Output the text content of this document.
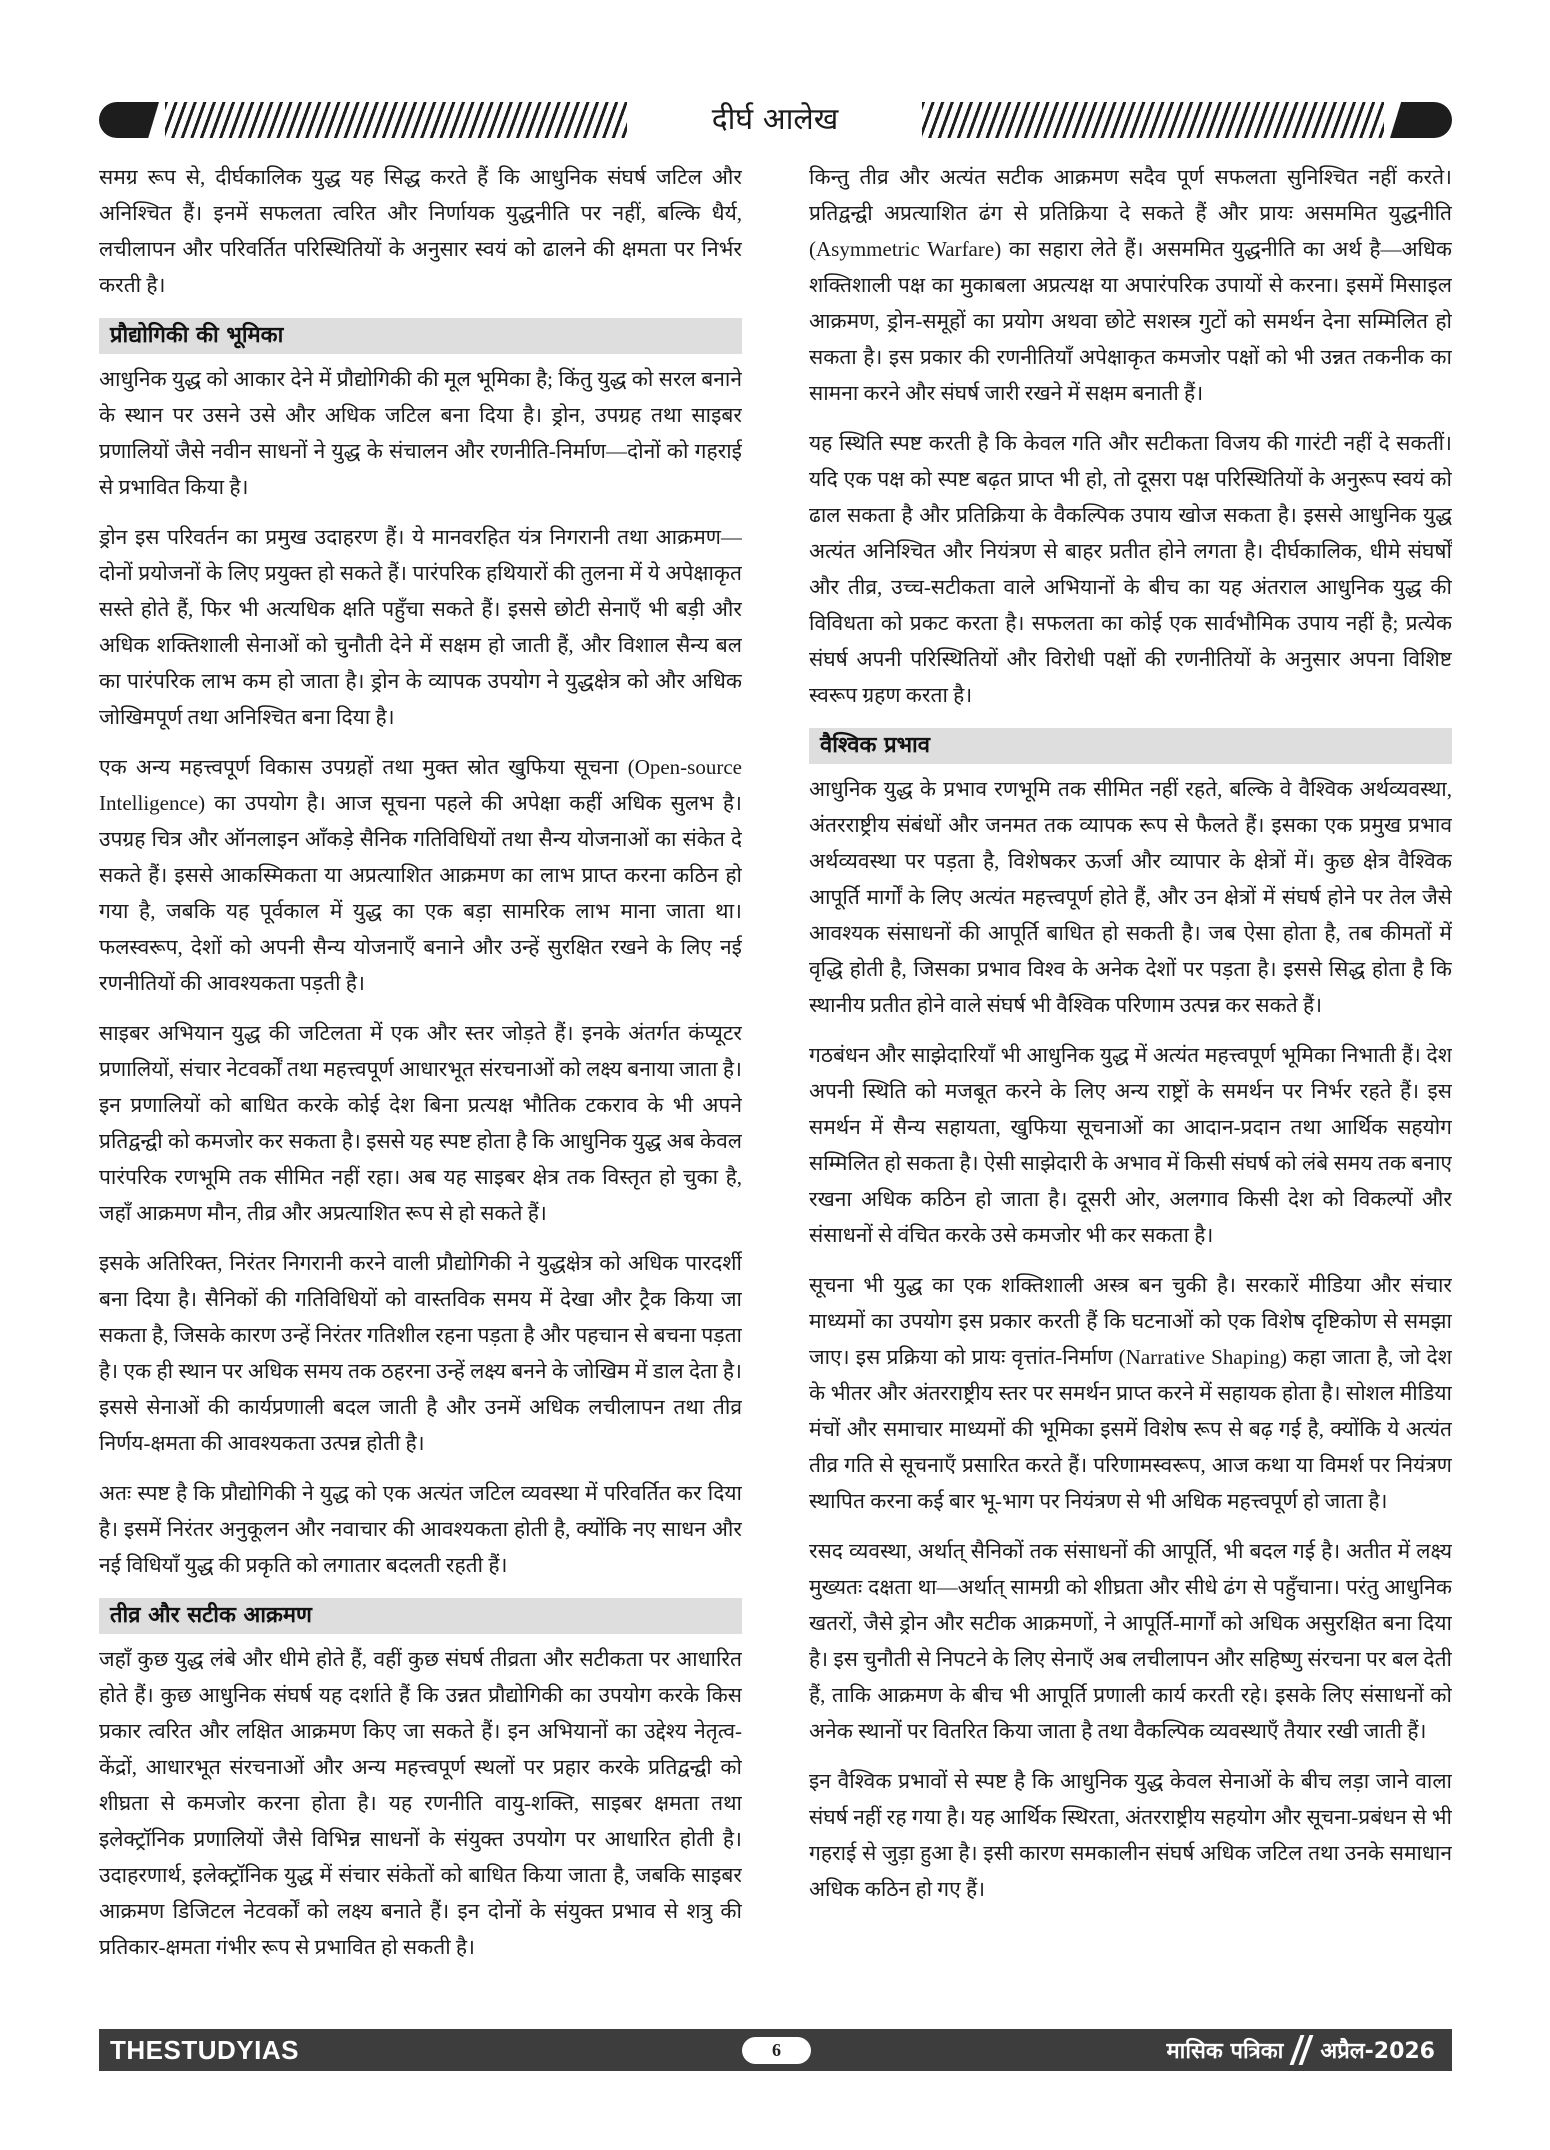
दीर्घ आलेख

समग्र रूप से, दीर्घकालिक युद्ध यह सिद्ध करते हैं कि आधुनिक संघर्ष जटिल और अनिश्चित हैं। इनमें सफलता त्वरित और निर्णायक युद्धनीति पर नहीं, बल्कि धैर्य, लचीलापन और परिवर्तित परिस्थितियों के अनुसार स्वयं को ढालने की क्षमता पर निर्भर करती है।

प्रौद्योगिकी की भूमिका

आधुनिक युद्ध को आकार देने में प्रौद्योगिकी की मूल भूमिका है; किंतु युद्ध को सरल बनाने के स्थान पर उसने उसे और अधिक जटिल बना दिया है। ड्रोन, उपग्रह तथा साइबर प्रणालियों जैसे नवीन साधनों ने युद्ध के संचालन और रणनीति-निर्माण—दोनों को गहराई से प्रभावित किया है।

ड्रोन इस परिवर्तन का प्रमुख उदाहरण हैं। ये मानवरहित यंत्र निगरानी तथा आक्रमण—दोनों प्रयोजनों के लिए प्रयुक्त हो सकते हैं। पारंपरिक हथियारों की तुलना में ये अपेक्षाकृत सस्ते होते हैं, फिर भी अत्यधिक क्षति पहुँचा सकते हैं। इससे छोटी सेनाएँ भी बड़ी और अधिक शक्तिशाली सेनाओं को चुनौती देने में सक्षम हो जाती हैं, और विशाल सैन्य बल का पारंपरिक लाभ कम हो जाता है। ड्रोन के व्यापक उपयोग ने युद्धक्षेत्र को और अधिक जोखिमपूर्ण तथा अनिश्चित बना दिया है।

एक अन्य महत्त्वपूर्ण विकास उपग्रहों तथा मुक्त स्रोत खुफिया सूचना (Open-source Intelligence) का उपयोग है। आज सूचना पहले की अपेक्षा कहीं अधिक सुलभ है। उपग्रह चित्र और ऑनलाइन आँकड़े सैनिक गतिविधियों तथा सैन्य योजनाओं का संकेत दे सकते हैं। इससे आकस्मिकता या अप्रत्याशित आक्रमण का लाभ प्राप्त करना कठिन हो गया है, जबकि यह पूर्वकाल में युद्ध का एक बड़ा सामरिक लाभ माना जाता था। फलस्वरूप, देशों को अपनी सैन्य योजनाएँ बनाने और उन्हें सुरक्षित रखने के लिए नई रणनीतियों की आवश्यकता पड़ती है।

साइबर अभियान युद्ध की जटिलता में एक और स्तर जोड़ते हैं। इनके अंतर्गत कंप्यूटर प्रणालियों, संचार नेटवर्कों तथा महत्त्वपूर्ण आधारभूत संरचनाओं को लक्ष्य बनाया जाता है। इन प्रणालियों को बाधित करके कोई देश बिना प्रत्यक्ष भौतिक टकराव के भी अपने प्रतिद्वन्द्वी को कमजोर कर सकता है। इससे यह स्पष्ट होता है कि आधुनिक युद्ध अब केवल पारंपरिक रणभूमि तक सीमित नहीं रहा। अब यह साइबर क्षेत्र तक विस्तृत हो चुका है, जहाँ आक्रमण मौन, तीव्र और अप्रत्याशित रूप से हो सकते हैं।

इसके अतिरिक्त, निरंतर निगरानी करने वाली प्रौद्योगिकी ने युद्धक्षेत्र को अधिक पारदर्शी बना दिया है। सैनिकों की गतिविधियों को वास्तविक समय में देखा और ट्रैक किया जा सकता है, जिसके कारण उन्हें निरंतर गतिशील रहना पड़ता है और पहचान से बचना पड़ता है। एक ही स्थान पर अधिक समय तक ठहरना उन्हें लक्ष्य बनने के जोखिम में डाल देता है। इससे सेनाओं की कार्यप्रणाली बदल जाती है और उनमें अधिक लचीलापन तथा तीव्र निर्णय-क्षमता की आवश्यकता उत्पन्न होती है।

अतः स्पष्ट है कि प्रौद्योगिकी ने युद्ध को एक अत्यंत जटिल व्यवस्था में परिवर्तित कर दिया है। इसमें निरंतर अनुकूलन और नवाचार की आवश्यकता होती है, क्योंकि नए साधन और नई विधियाँ युद्ध की प्रकृति को लगातार बदलती रहती हैं।

तीव्र और सटीक आक्रमण

जहाँ कुछ युद्ध लंबे और धीमे होते हैं, वहीं कुछ संघर्ष तीव्रता और सटीकता पर आधारित होते हैं। कुछ आधुनिक संघर्ष यह दर्शाते हैं कि उन्नत प्रौद्योगिकी का उपयोग करके किस प्रकार त्वरित और लक्षित आक्रमण किए जा सकते हैं। इन अभियानों का उद्देश्य नेतृत्व-केंद्रों, आधारभूत संरचनाओं और अन्य महत्त्वपूर्ण स्थलों पर प्रहार करके प्रतिद्वन्द्वी को शीघ्रता से कमजोर करना होता है। यह रणनीति वायु-शक्ति, साइबर क्षमता तथा इलेक्ट्रॉनिक प्रणालियों जैसे विभिन्न साधनों के संयुक्त उपयोग पर आधारित होती है। उदाहरणार्थ, इलेक्ट्रॉनिक युद्ध में संचार संकेतों को बाधित किया जाता है, जबकि साइबर आक्रमण डिजिटल नेटवर्कों को लक्ष्य बनाते हैं। इन दोनों के संयुक्त प्रभाव से शत्रु की प्रतिकार-क्षमता गंभीर रूप से प्रभावित हो सकती है।

किन्तु तीव्र और अत्यंत सटीक आक्रमण सदैव पूर्ण सफलता सुनिश्चित नहीं करते। प्रतिद्वन्द्वी अप्रत्याशित ढंग से प्रतिक्रिया दे सकते हैं और प्रायः असममित युद्धनीति (Asymmetric Warfare) का सहारा लेते हैं। असममित युद्धनीति का अर्थ है—अधिक शक्तिशाली पक्ष का मुकाबला अप्रत्यक्ष या अपारंपरिक उपायों से करना। इसमें मिसाइल आक्रमण, ड्रोन-समूहों का प्रयोग अथवा छोटे सशस्त्र गुटों को समर्थन देना सम्मिलित हो सकता है। इस प्रकार की रणनीतियाँ अपेक्षाकृत कमजोर पक्षों को भी उन्नत तकनीक का सामना करने और संघर्ष जारी रखने में सक्षम बनाती हैं।

यह स्थिति स्पष्ट करती है कि केवल गति और सटीकता विजय की गारंटी नहीं दे सकतीं। यदि एक पक्ष को स्पष्ट बढ़त प्राप्त भी हो, तो दूसरा पक्ष परिस्थितियों के अनुरूप स्वयं को ढाल सकता है और प्रतिक्रिया के वैकल्पिक उपाय खोज सकता है। इससे आधुनिक युद्ध अत्यंत अनिश्चित और नियंत्रण से बाहर प्रतीत होने लगता है। दीर्घकालिक, धीमे संघर्षों और तीव्र, उच्च-सटीकता वाले अभियानों के बीच का यह अंतराल आधुनिक युद्ध की विविधता को प्रकट करता है। सफलता का कोई एक सार्वभौमिक उपाय नहीं है; प्रत्येक संघर्ष अपनी परिस्थितियों और विरोधी पक्षों की रणनीतियों के अनुसार अपना विशिष्ट स्वरूप ग्रहण करता है।

वैश्विक प्रभाव

आधुनिक युद्ध के प्रभाव रणभूमि तक सीमित नहीं रहते, बल्कि वे वैश्विक अर्थव्यवस्था, अंतरराष्ट्रीय संबंधों और जनमत तक व्यापक रूप से फैलते हैं। इसका एक प्रमुख प्रभाव अर्थव्यवस्था पर पड़ता है, विशेषकर ऊर्जा और व्यापार के क्षेत्रों में। कुछ क्षेत्र वैश्विक आपूर्ति मार्गों के लिए अत्यंत महत्त्वपूर्ण होते हैं, और उन क्षेत्रों में संघर्ष होने पर तेल जैसे आवश्यक संसाधनों की आपूर्ति बाधित हो सकती है। जब ऐसा होता है, तब कीमतों में वृद्धि होती है, जिसका प्रभाव विश्व के अनेक देशों पर पड़ता है। इससे सिद्ध होता है कि स्थानीय प्रतीत होने वाले संघर्ष भी वैश्विक परिणाम उत्पन्न कर सकते हैं।

गठबंधन और साझेदारियाँ भी आधुनिक युद्ध में अत्यंत महत्त्वपूर्ण भूमिका निभाती हैं। देश अपनी स्थिति को मजबूत करने के लिए अन्य राष्ट्रों के समर्थन पर निर्भर रहते हैं। इस समर्थन में सैन्य सहायता, खुफिया सूचनाओं का आदान-प्रदान तथा आर्थिक सहयोग सम्मिलित हो सकता है। ऐसी साझेदारी के अभाव में किसी संघर्ष को लंबे समय तक बनाए रखना अधिक कठिन हो जाता है। दूसरी ओर, अलगाव किसी देश को विकल्पों और संसाधनों से वंचित करके उसे कमजोर भी कर सकता है।

सूचना भी युद्ध का एक शक्तिशाली अस्त्र बन चुकी है। सरकारें मीडिया और संचार माध्यमों का उपयोग इस प्रकार करती हैं कि घटनाओं को एक विशेष दृष्टिकोण से समझा जाए। इस प्रक्रिया को प्रायः वृत्तांत-निर्माण (Narrative Shaping) कहा जाता है, जो देश के भीतर और अंतरराष्ट्रीय स्तर पर समर्थन प्राप्त करने में सहायक होता है। सोशल मीडिया मंचों और समाचार माध्यमों की भूमिका इसमें विशेष रूप से बढ़ गई है, क्योंकि ये अत्यंत तीव्र गति से सूचनाएँ प्रसारित करते हैं। परिणामस्वरूप, आज कथा या विमर्श पर नियंत्रण स्थापित करना कई बार भू-भाग पर नियंत्रण से भी अधिक महत्त्वपूर्ण हो जाता है।

रसद व्यवस्था, अर्थात् सैनिकों तक संसाधनों की आपूर्ति, भी बदल गई है। अतीत में लक्ष्य मुख्यतः दक्षता था—अर्थात् सामग्री को शीघ्रता और सीधे ढंग से पहुँचाना। परंतु आधुनिक खतरों, जैसे ड्रोन और सटीक आक्रमणों, ने आपूर्ति-मार्गों को अधिक असुरक्षित बना दिया है। इस चुनौती से निपटने के लिए सेनाएँ अब लचीलापन और सहिष्णु संरचना पर बल देती हैं, ताकि आक्रमण के बीच भी आपूर्ति प्रणाली कार्य करती रहे। इसके लिए संसाधनों को अनेक स्थानों पर वितरित किया जाता है तथा वैकल्पिक व्यवस्थाएँ तैयार रखी जाती हैं।

इन वैश्विक प्रभावों से स्पष्ट है कि आधुनिक युद्ध केवल सेनाओं के बीच लड़ा जाने वाला संघर्ष नहीं रह गया है। यह आर्थिक स्थिरता, अंतरराष्ट्रीय सहयोग और सूचना-प्रबंधन से भी गहराई से जुड़ा हुआ है। इसी कारण समकालीन संघर्ष अधिक जटिल तथा उनके समाधान अधिक कठिन हो गए हैं।

THESTUDYIAS	6	मासिक पत्रिका अप्रैल-2026
